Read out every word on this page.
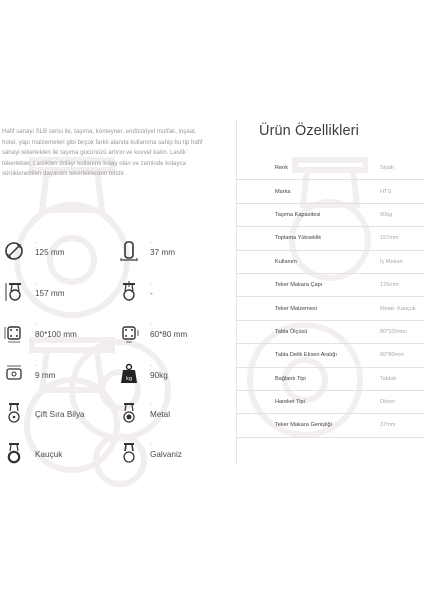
Hafif sanayi SLB serisi ile, taşıma, konteyner, endüstriyel mutfak, inşaat, hotel, yapı malzemeleri gibi birçok farklı alanda kullanıma sahip bu tip hafif sanayi tekerlekleri ile taşıma gücünüzü artırın ve kuvvet katın. Lastik tekerlekler, Lastikten dolayı kullanımı kolay olan ve zeminde kolayca sürüklenebilen dayanıklı tekerleklerden biridir.

-
125 mm
-
37 mm
-
157 mm
-
-
-
80*100 mm
-
60*80 mm
-
9 mm	kg
-
90kg
-
Çift Sıra Bilya
-
Metal
-
Kauçuk
-
Galvaniz
Ürün Özellikleri
Renk	Siyah
Marka	HTS
Taşıma Kapasitesi	90kg
Toplama Yükseklik	157mm
Kullanım	İç Mekan
Teker Makara Çapı	125mm
Teker Malzemesi	Metal- Kauçuk
Tabla Ölçüsü	80*100mm
Tabla Delik Eksen Aralığı	60*80mm
Bağlantı Tipi	Tablalı
Hareket Tipi	Döner
Teker Makara Genişliği	37mm
